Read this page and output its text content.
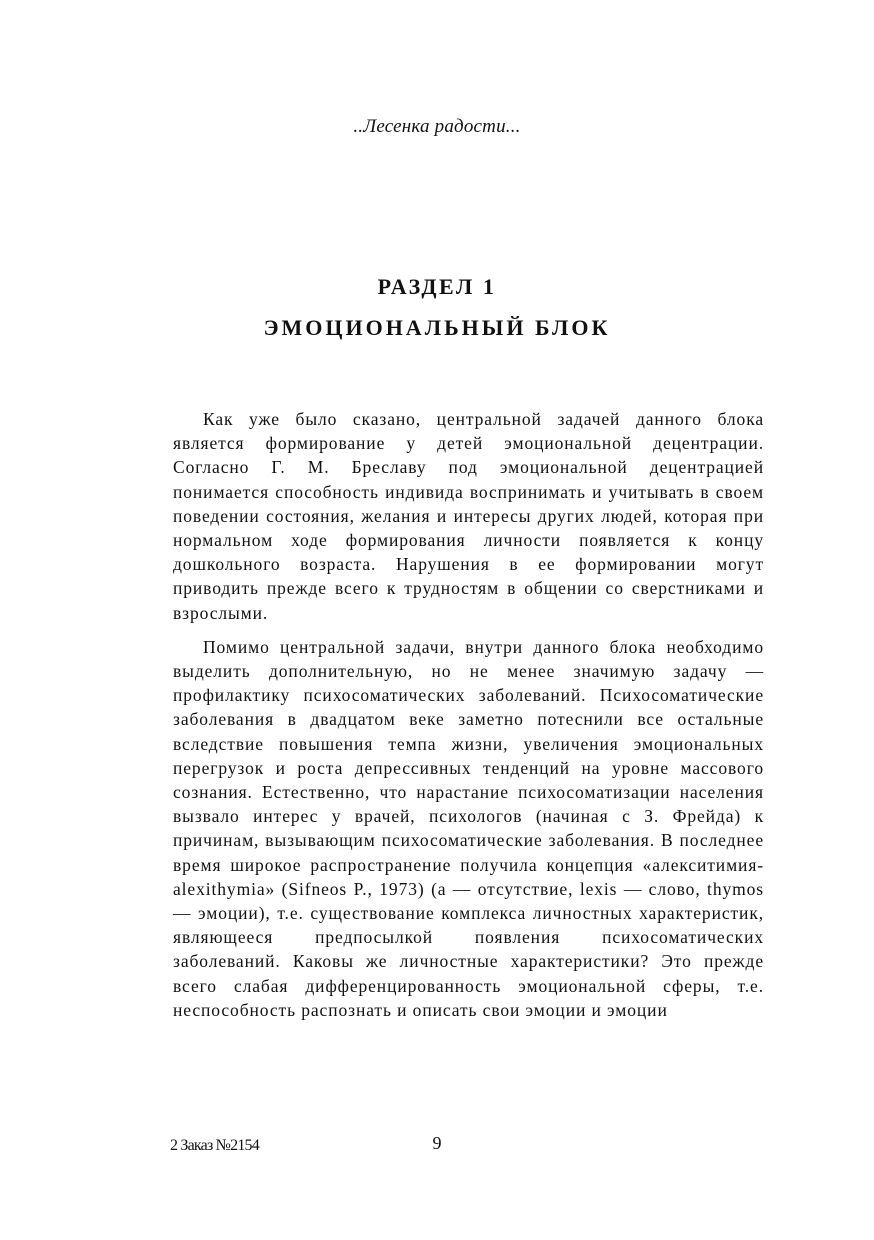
..Лесенка радости...
РАЗДЕЛ 1
ЭМОЦИОНАЛЬНЫЙ БЛОК

Как уже было сказано, центральной задачей данного блока является формирование у детей эмоциональной децентрации. Согласно Г. М. Бреславу под эмоциональной децентрацией понимается способность индивида воспринимать и учитывать в своем поведении состояния, желания и интересы других людей, которая при нормальном ходе формирования личности появляется к концу дошкольного возраста. Нарушения в ее формировании могут приводить прежде всего к трудностям в общении со сверстниками и взрослыми.

Помимо центральной задачи, внутри данного блока необходимо выделить дополнительную, но не менее значимую задачу — профилактику психосоматических заболеваний. Психосоматические заболевания в двадцатом веке заметно потеснили все остальные вследствие повышения темпа жизни, увеличения эмоциональных перегрузок и роста депрессивных тенденций на уровне массового сознания. Естественно, что нарастание психосоматизации населения вызвало интерес у врачей, психологов (начиная с З. Фрейда) к причинам, вызывающим психосоматические заболевания. В последнее время широкое распространение получила концепция «алекситимия-alexithymia» (Sifneos P., 1973) (а — отсутствие, lexis — слово, thymos — эмоции), т.е. существование комплекса личностных характеристик, являющееся предпосылкой появления психосоматических заболеваний. Каковы же личностные характеристики? Это прежде всего слабая дифференцированность эмоциональной сферы, т.е. неспособность распознать и описать свои эмоции и эмоции

2 Заказ №2154	9
